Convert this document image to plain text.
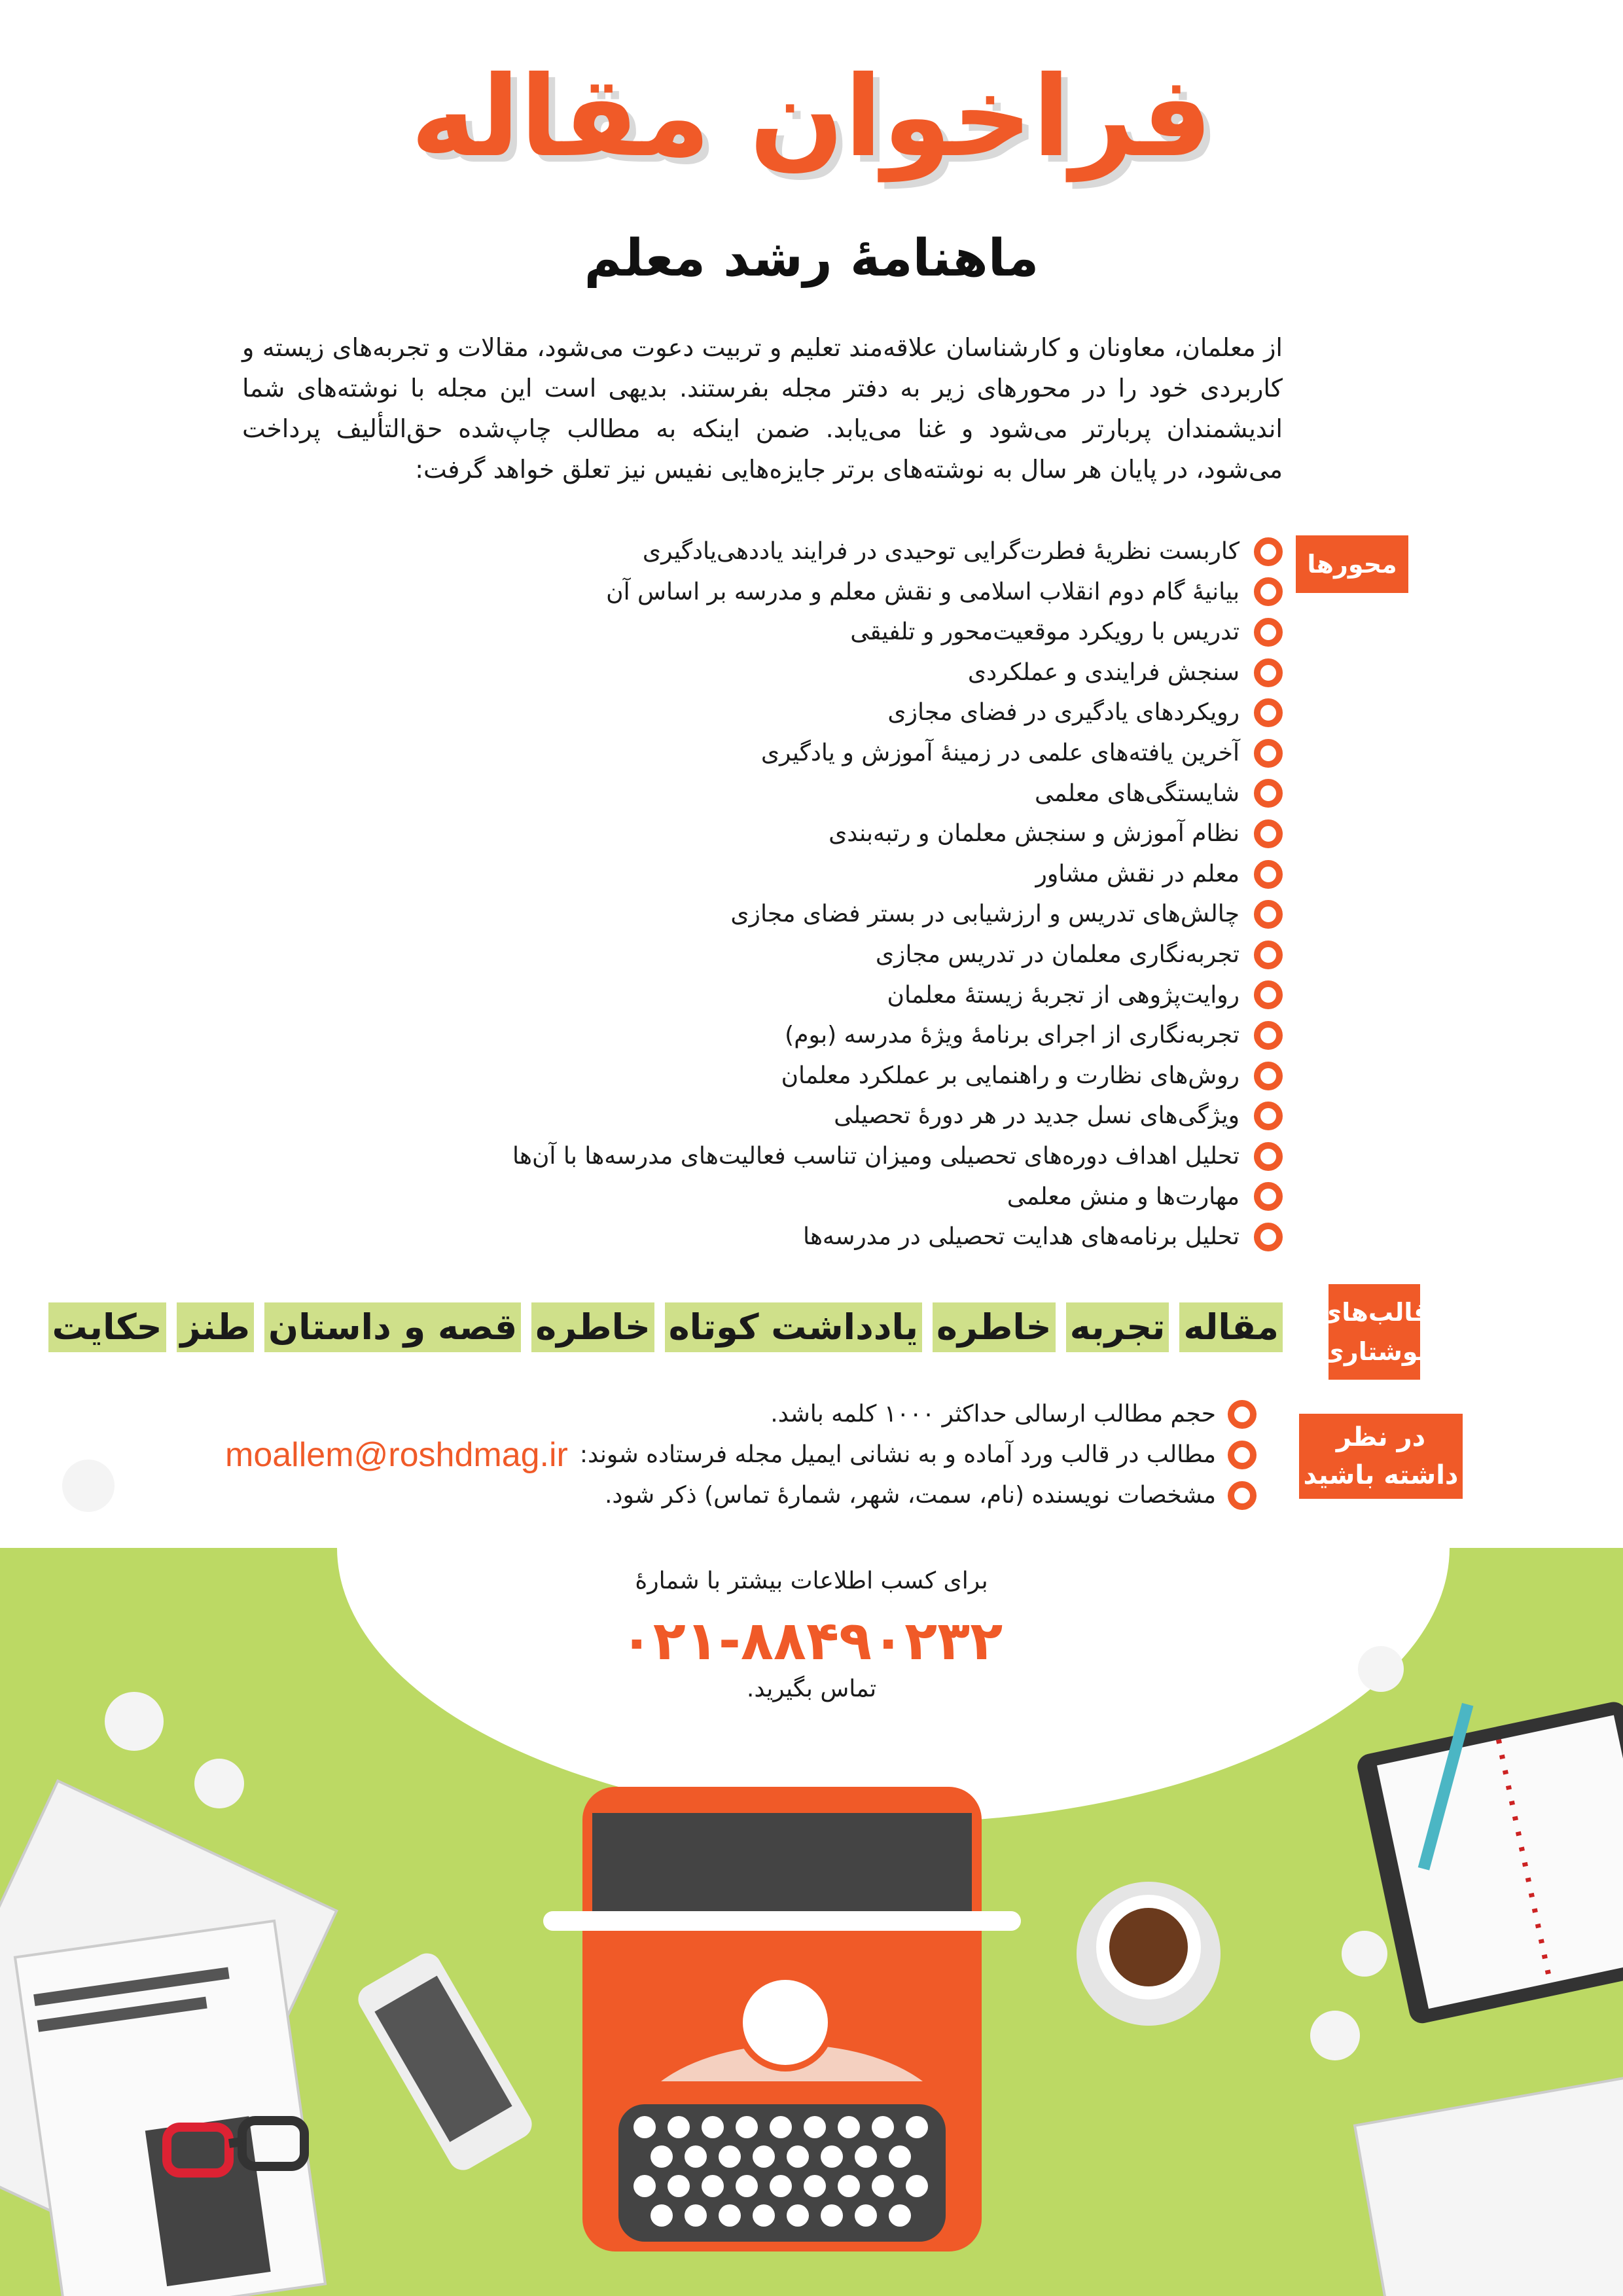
فراخوان مقاله
ماهنامۀ رشد معلم
از معلمان، معاونان و کارشناسان علاقه‌مند تعلیم و تربیت دعوت می‌شود، مقالات و تجربه‌های زیسته و کاربردی خود را در محورهای زیر به دفتر مجله بفرستند. بدیهی است این مجله با نوشته‌های شما اندیشمندان پربارتر می‌شود و غنا می‌یابد. ضمن اینکه به مطالب چاپ‌شده حق‌التألیف پرداخت می‌شود، در پایان هر سال به نوشته‌های برتر جایزه‌هایی نفیس نیز تعلق خواهد گرفت:
محورها
کاربست نظریۀ فطرت‌گرایی توحیدی در فرایند یاددهی‌یادگیری
بیانیۀ گام دوم انقلاب اسلامی و نقش معلم و مدرسه بر اساس آن
تدریس با رویکرد موقعیت‌محور و تلفیقی
سنجش فرایندی و عملکردی
رویکردهای یادگیری در فضای مجازی
آخرین یافته‌های علمی در زمینۀ آموزش و یادگیری
شایستگی‌های معلمی
نظام آموزش و سنجش معلمان و رتبه‌بندی
معلم در نقش مشاور
چالش‌های تدریس و ارزشیابی در بستر فضای مجازی
تجربه‌نگاری معلمان در تدریس مجازی
روایت‌پژوهی از تجربۀ زیستۀ معلمان
تجربه‌نگاری از اجرای برنامۀ ویژۀ مدرسه (بوم)
روش‌های نظارت و راهنمایی بر عملکرد معلمان
ویژگی‌های نسل جدید در هر دورۀ تحصیلی
تحلیل اهداف دوره‌های تحصیلی ومیزان تناسب فعالیت‌های مدرسه‌ها با آن‌ها
مهارت‌ها و منش معلمی
تحلیل برنامه‌های هدایت تحصیلی در مدرسه‌ها
قالب‌های
نوشتاری
مقاله
تجربه
خاطره
یادداشت کوتاه
خاطره
قصه و داستان
طنز
حکایت
در نظر
داشته باشید
حجم مطالب ارسالی حداکثر ۱۰۰۰ کلمه باشد.
مطالب در قالب ورد آماده و به نشانی ایمیل مجله فرستاده شوند:
moallem@roshdmag.ir
مشخصات نویسنده (نام، سمت، شهر، شمارۀ تماس) ذکر شود.
برای کسب اطلاعات بیشتر با شمارۀ
۰۲۱-۸۸۴۹۰۲۳۲
تماس بگیرید.
